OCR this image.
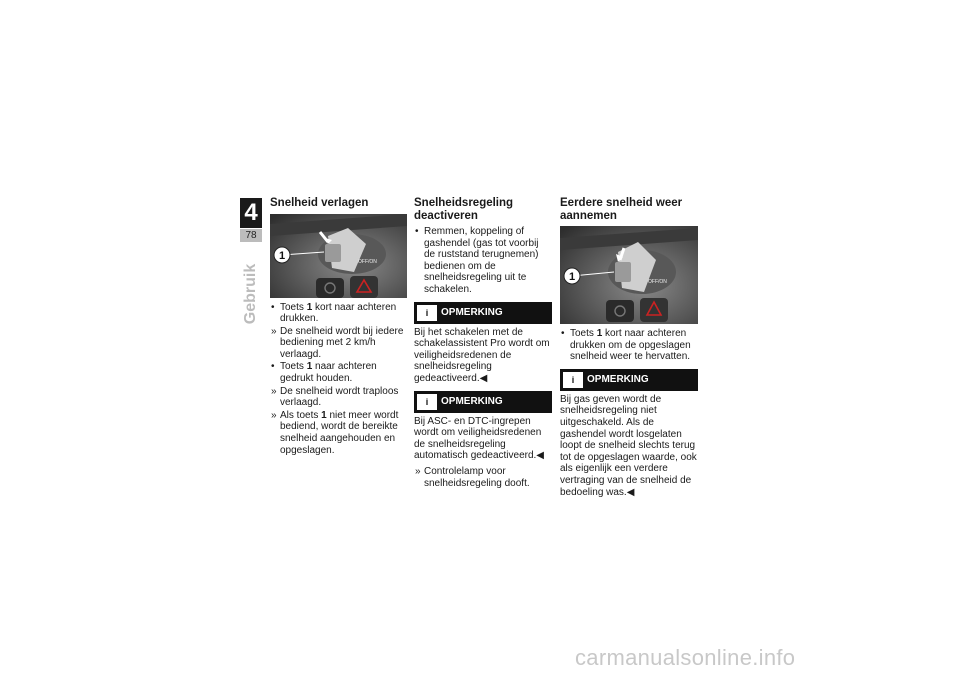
4
78
Gebruik
Snelheid verlagen
1	OFF/ON
• Toets 1 kort naar achteren drukken.
» De snelheid wordt bij iedere bediening met 2 km/h verlaagd.
• Toets 1 naar achteren gedrukt houden.
» De snelheid wordt traploos verlaagd.
» Als toets 1 niet meer wordt bediend, wordt de bereikte snelheid aangehouden en opgeslagen.
Snelheidsregeling deactiveren
• Remmen, koppeling of gashendel (gas tot voorbij de ruststand terugnemen) bedienen om de snelheidsregeling uit te schakelen.
i	OPMERKING

Bij het schakelen met de schakelassistent Pro wordt om veiligheidsredenen de snelheidsregeling gedeactiveerd.◀

i	OPMERKING

Bij ASC- en DTC-ingrepen wordt om veiligheidsredenen de snelheidsregeling automatisch gedeactiveerd.◀

» Controlelamp voor snelheidsregeling dooft.
Eerdere snelheid weer aannemen
1	OFF/ON
• Toets 1 kort naar achteren drukken om de opgeslagen snelheid weer te hervatten.
i	OPMERKING

Bij gas geven wordt de snelheidsregeling niet uitgeschakeld. Als de gashendel wordt losgelaten loopt de snelheid slechts terug tot de opgeslagen waarde, ook als eigenlijk een verdere vertraging van de snelheid de bedoeling was.◀

carmanualsonline.info
